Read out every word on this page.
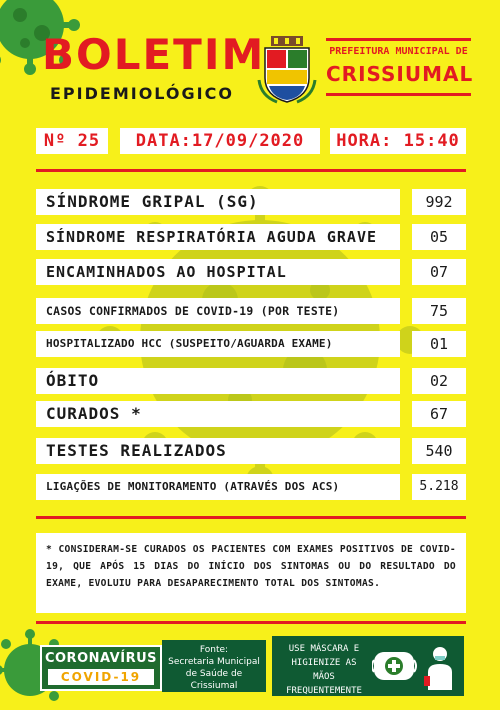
BOLETIM
EPIDEMIOLÓGICO
PREFEITURA MUNICIPAL DE
CRISSIUMAL
Nº 25	DATA:17/09/2020	HORA: 15:40
SÍNDROME GRIPAL (SG)	992
SÍNDROME RESPIRATÓRIA AGUDA GRAVE	05
ENCAMINHADOS AO HOSPITAL	07
CASOS CONFIRMADOS DE COVID-19 (POR TESTE)	75
HOSPITALIZADO HCC (SUSPEITO/AGUARDA EXAME)	01
ÓBITO	02
CURADOS *	67
TESTES REALIZADOS	540
LIGAÇÕES DE MONITORAMENTO (ATRAVÉS DOS ACS)	5.218
* CONSIDERAM-SE CURADOS OS PACIENTES COM EXAMES POSITIVOS DE COVID-19, QUE APÓS 15 DIAS DO INÍCIO DOS SINTOMAS OU DO RESULTADO DO EXAME, EVOLUIU PARA DESAPARECIMENTO TOTAL DOS SINTOMAS.
CORONAVÍRUS
COVID-19
Fonte:
Secretaria Municipal de Saúde de Crissiumal
USE MÁSCARA E
HIGIENIZE AS MÃOS
FREQUENTEMENTE
